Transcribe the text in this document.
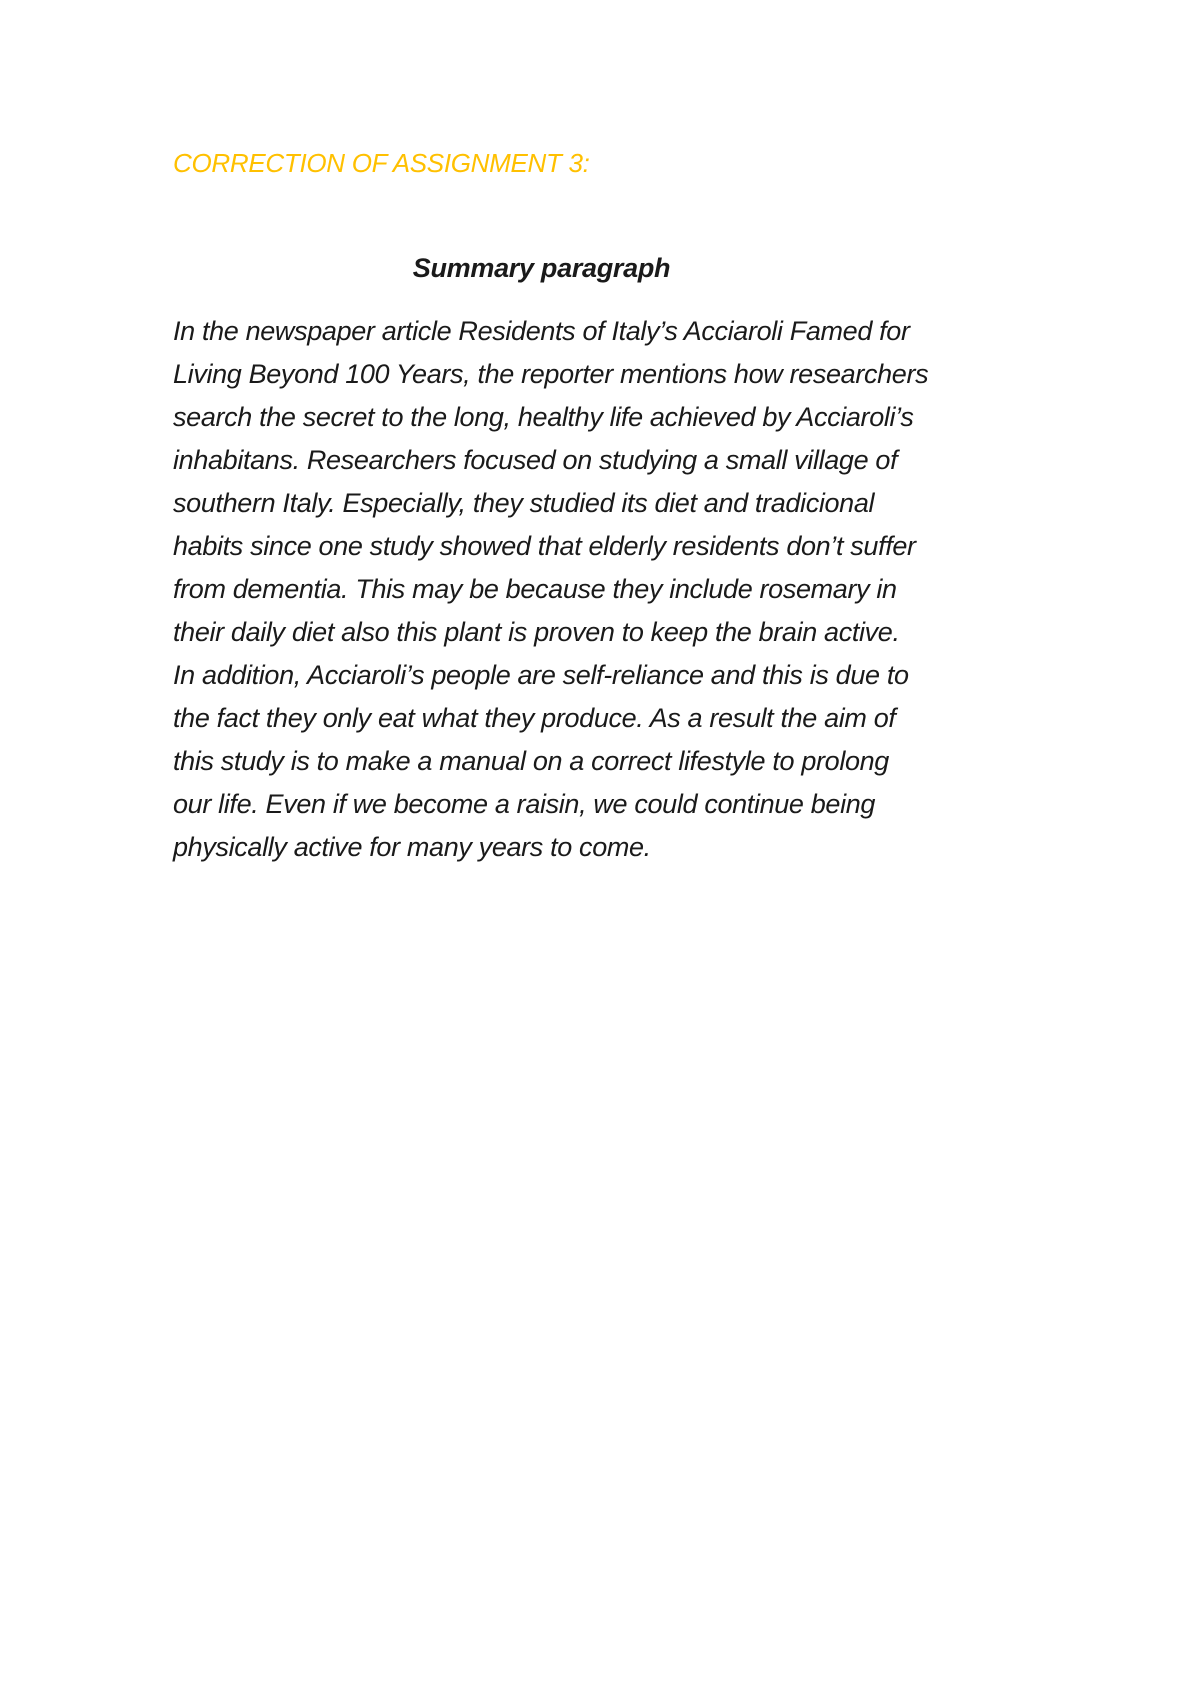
CORRECTION OF ASSIGNMENT 3:
Summary paragraph
In the newspaper article Residents of Italy’s Acciaroli Famed for
Living Beyond 100 Years, the reporter mentions how researchers
search the secret to the long, healthy life achieved by Acciaroli’s
inhabitans. Researchers focused on studying a small village of
southern Italy. Especially, they studied its diet and tradicional
habits since one study showed that elderly residents don’t suffer
from dementia. This may be because they include rosemary in
their daily diet also this plant is proven to keep the brain active.
In addition, Acciaroli’s people are self-reliance and this is due to
the fact they only eat what they produce. As a result the aim of
this study is to make a manual on a correct lifestyle to prolong
our life. Even if we become a raisin, we could continue being
physically active for many years to come.
